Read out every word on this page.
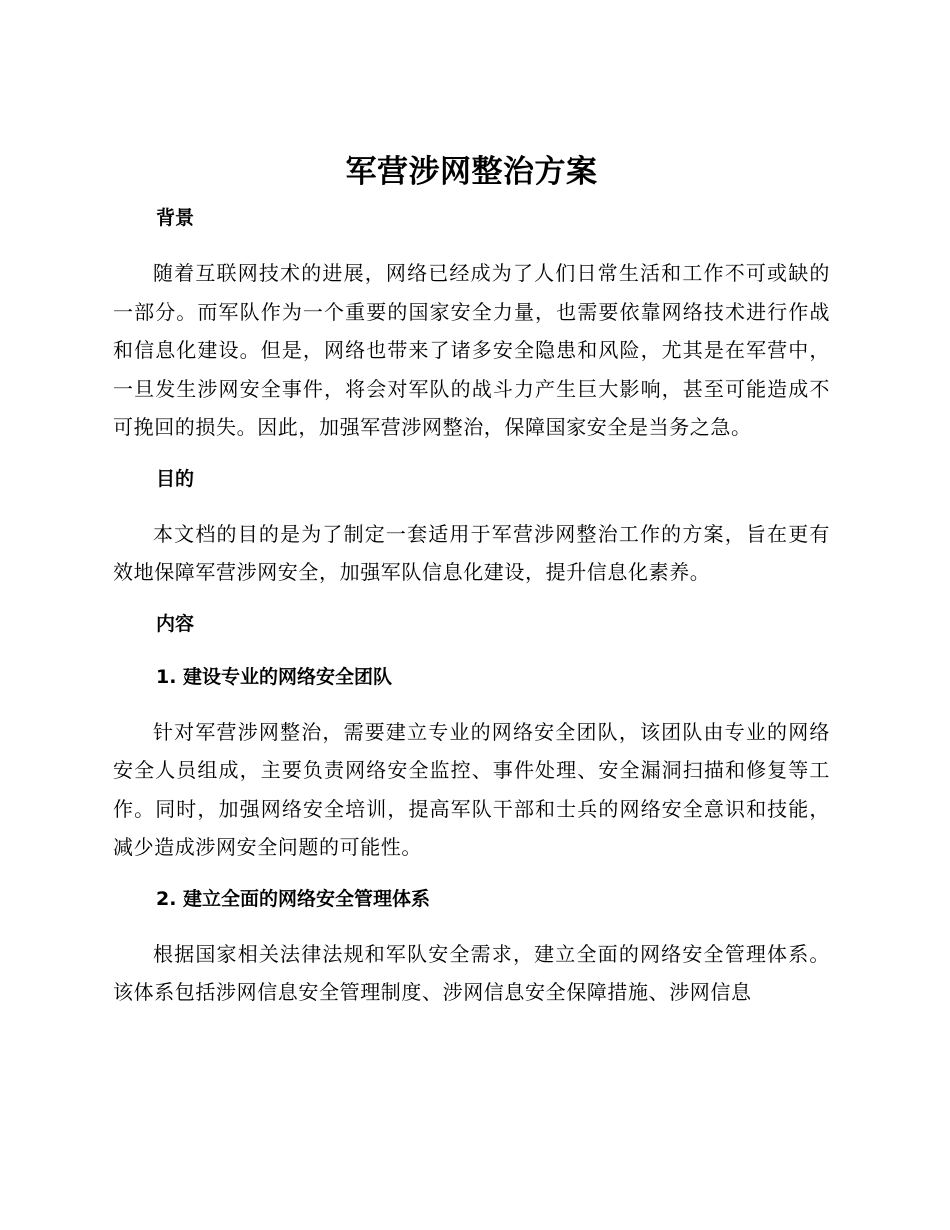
军营涉网整治方案
背景

随着互联网技术的进展，网络已经成为了人们日常生活和工作不可或缺的一部分。而军队作为一个重要的国家安全力量，也需要依靠网络技术进行作战和信息化建设。但是，网络也带来了诸多安全隐患和风险，尤其是在军营中，一旦发生涉网安全事件，将会对军队的战斗力产生巨大影响，甚至可能造成不可挽回的损失。因此，加强军营涉网整治，保障国家安全是当务之急。

目的

本文档的目的是为了制定一套适用于军营涉网整治工作的方案，旨在更有效地保障军营涉网安全，加强军队信息化建设，提升信息化素养。

内容
1. 建设专业的网络安全团队

针对军营涉网整治，需要建立专业的网络安全团队，该团队由专业的网络安全人员组成，主要负责网络安全监控、事件处理、安全漏洞扫描和修复等工作。同时，加强网络安全培训，提高军队干部和士兵的网络安全意识和技能，减少造成涉网安全问题的可能性。

2. 建立全面的网络安全管理体系

根据国家相关法律法规和军队安全需求，建立全面的网络安全管理体系。该体系包括涉网信息安全管理制度、涉网信息安全保障措施、涉网信息
